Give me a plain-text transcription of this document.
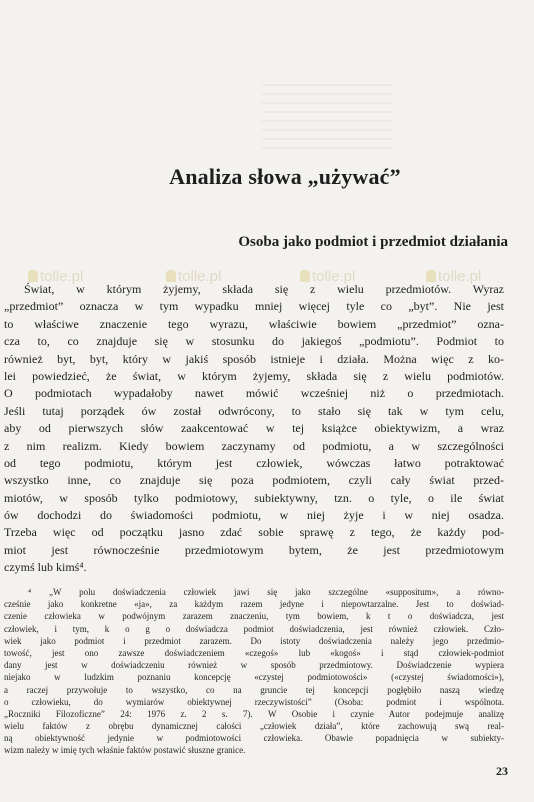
Analiza słowa „używać”
Osoba jako podmiot i przedmiot działania
tolle.pl	tolle.pl	tolle.pl	tolle.pl
Świat, w którym żyjemy, składa się z wielu przedmiotów. Wyraz
„przedmiot” oznacza w tym wypadku mniej więcej tyle co „byt”. Nie jest
to właściwe znaczenie tego wyrazu, właściwie bowiem „przedmiot” ozna-
cza to, co znajduje się w stosunku do jakiegoś „podmiotu”. Podmiot to
również byt, byt, który w jakiś sposób istnieje i działa. Można więc z ko-
lei powiedzieć, że świat, w którym żyjemy, składa się z wielu podmiotów.
O podmiotach wypadałoby nawet mówić wcześniej niż o przedmiotach.
Jeśli tutaj porządek ów został odwrócony, to stało się tak w tym celu,
aby od pierwszych słów zaakcentować w tej książce obiektywizm, a wraz
z nim realizm. Kiedy bowiem zaczynamy od podmiotu, a w szczególności
od tego podmiotu, którym jest człowiek, wówczas łatwo potraktować
wszystko inne, co znajduje się poza podmiotem, czyli cały świat przed-
miotów, w sposób tylko podmiotowy, subiektywny, tzn. o tyle, o ile świat
ów dochodzi do świadomości podmiotu, w niej żyje i w niej osadza.
Trzeba więc od początku jasno zdać sobie sprawę z tego, że każdy pod-
miot jest równocześnie przedmiotowym bytem, że jest przedmiotowym
czymś lub kimś⁴.
⁴ „W polu doświadczenia człowiek jawi się jako szczególne «suppositum», a równo-
cześnie jako konkretne «ja», za każdym razem jedyne i niepowtarzalne. Jest to doświad-
czenie człowieka w podwójnym zarazem znaczeniu, tym bowiem, k t o doświadcza, jest
człowiek, i tym, k o g o doświadcza podmiot doświadczenia, jest również człowiek. Czło-
wiek jako podmiot i przedmiot zarazem. Do istoty doświadczenia należy jego przedmio-
towość, jest ono zawsze doświadczeniem «czegoś» lub «kogoś» i stąd człowiek-podmiot
dany jest w doświadczeniu również w sposób przedmiotowy. Doświadczenie wypiera
niejako w ludzkim poznaniu koncepcję «czystej podmiotowości» («czystej świadomości»),
a raczej przywołuje to wszystko, co na gruncie tej koncepcji pogłębiło naszą wiedzę
o człowieku, do wymiarów obiektywnej rzeczywistości” (Osoba: podmiot i wspólnota.
„Roczniki Filozoficzne” 24: 1976 z. 2 s. 7). W Osobie i czynie Autor podejmuje analizę
wielu faktów z obrębu dynamicznej całości „człowiek działa”, które zachowują swą real-
ną obiektywność jedynie w podmiotowości człowieka. Obawie popadnięcia w subiekty-
wizm należy w imię tych właśnie faktów postawić słuszne granice.
23
